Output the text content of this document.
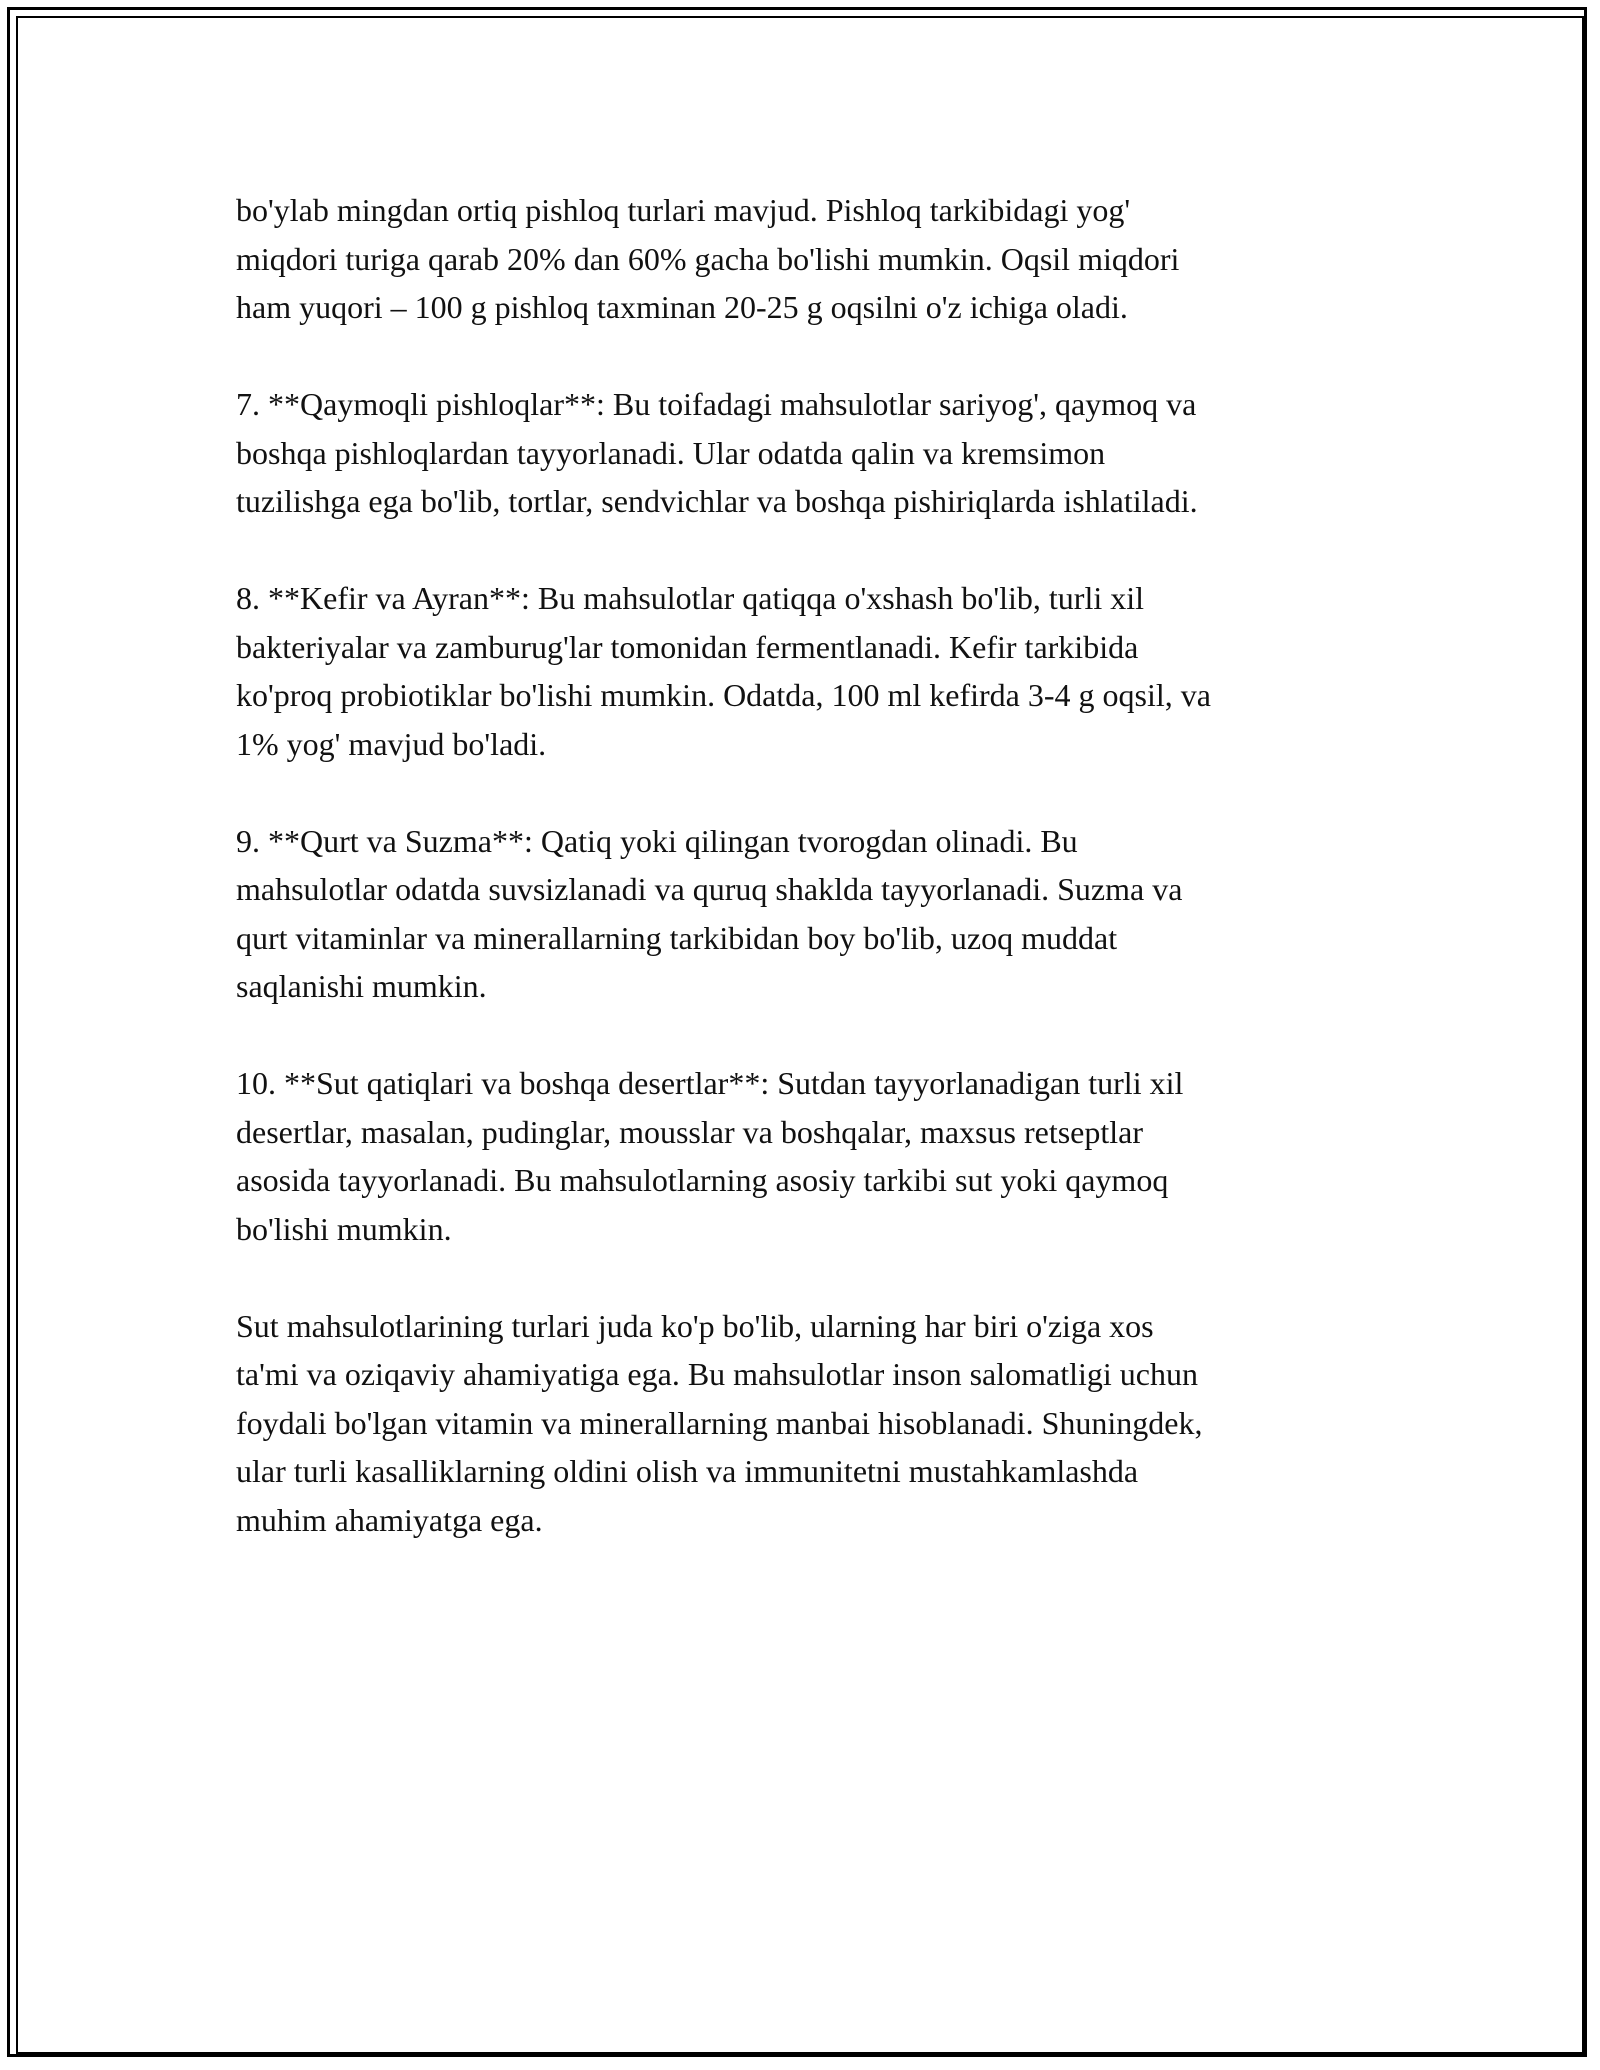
bo'ylab mingdan ortiq pishloq turlari mavjud. Pishloq tarkibidagi yog'
miqdori turiga qarab 20% dan 60% gacha bo'lishi mumkin. Oqsil miqdori
ham yuqori – 100 g pishloq taxminan 20-25 g oqsilni o'z ichiga oladi.

7. **Qaymoqli pishloqlar**: Bu toifadagi mahsulotlar sariyog', qaymoq va
boshqa pishloqlardan tayyorlanadi. Ular odatda qalin va kremsimon
tuzilishga ega bo'lib, tortlar, sendvichlar va boshqa pishiriqlarda ishlatiladi.

8. **Kefir va Ayran**: Bu mahsulotlar qatiqqa o'xshash bo'lib, turli xil
bakteriyalar va zamburug'lar tomonidan fermentlanadi. Kefir tarkibida
ko'proq probiotiklar bo'lishi mumkin. Odatda, 100 ml kefirda 3-4 g oqsil, va
1% yog' mavjud bo'ladi.

9. **Qurt va Suzma**: Qatiq yoki qilingan tvorogdan olinadi. Bu
mahsulotlar odatda suvsizlanadi va quruq shaklda tayyorlanadi. Suzma va
qurt vitaminlar va minerallarning tarkibidan boy bo'lib, uzoq muddat
saqlanishi mumkin.

10. **Sut qatiqlari va boshqa desertlar**: Sutdan tayyorlanadigan turli xil
desertlar, masalan, pudinglar, mousslar va boshqalar, maxsus retseptlar
asosida tayyorlanadi. Bu mahsulotlarning asosiy tarkibi sut yoki qaymoq
bo'lishi mumkin.

Sut mahsulotlarining turlari juda ko'p bo'lib, ularning har biri o'ziga xos
ta'mi va oziqaviy ahamiyatiga ega. Bu mahsulotlar inson salomatligi uchun
foydali bo'lgan vitamin va minerallarning manbai hisoblanadi. Shuningdek,
ular turli kasalliklarning oldini olish va immunitetni mustahkamlashda
muhim ahamiyatga ega.
